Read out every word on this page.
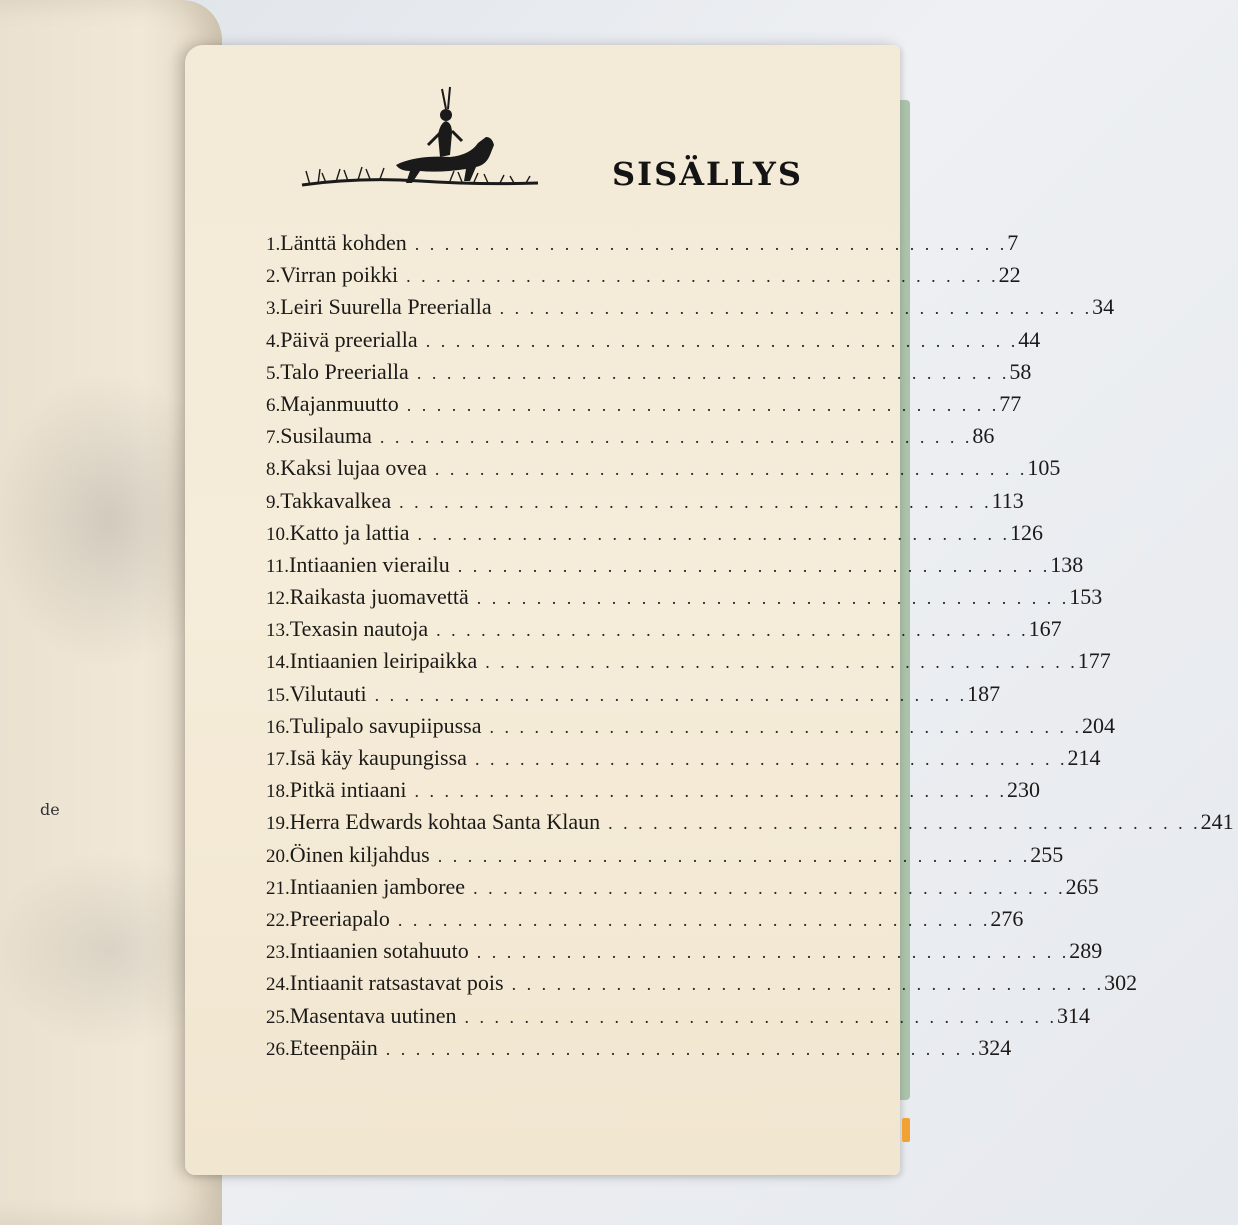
de
SISÄLLYS
1. Länttä kohden . . . . . . . . . . . . . . . . . . . . . . . . . . . . . . . . . . . . . . . . 7
2. Virran poikki . . . . . . . . . . . . . . . . . . . . . . . . . . . . . . . . . . . . . . . . 22
3. Leiri Suurella Preerialla . . . . . . . . . . . . . . . . . . . . . . . . . . . . . . . . . . . . . . . . 34
4. Päivä preerialla . . . . . . . . . . . . . . . . . . . . . . . . . . . . . . . . . . . . . . . . 44
5. Talo Preerialla . . . . . . . . . . . . . . . . . . . . . . . . . . . . . . . . . . . . . . . . 58
6. Majanmuutto . . . . . . . . . . . . . . . . . . . . . . . . . . . . . . . . . . . . . . . . 77
7. Susilauma . . . . . . . . . . . . . . . . . . . . . . . . . . . . . . . . . . . . . . . . 86
8. Kaksi lujaa ovea . . . . . . . . . . . . . . . . . . . . . . . . . . . . . . . . . . . . . . . . 105
9. Takkavalkea . . . . . . . . . . . . . . . . . . . . . . . . . . . . . . . . . . . . . . . . 113
10. Katto ja lattia . . . . . . . . . . . . . . . . . . . . . . . . . . . . . . . . . . . . . . . . 126
11. Intiaanien vierailu . . . . . . . . . . . . . . . . . . . . . . . . . . . . . . . . . . . . . . . . 138
12. Raikasta juomavettä . . . . . . . . . . . . . . . . . . . . . . . . . . . . . . . . . . . . . . . . 153
13. Texasin nautoja . . . . . . . . . . . . . . . . . . . . . . . . . . . . . . . . . . . . . . . . 167
14. Intiaanien leiripaikka . . . . . . . . . . . . . . . . . . . . . . . . . . . . . . . . . . . . . . . . 177
15. Vilutauti . . . . . . . . . . . . . . . . . . . . . . . . . . . . . . . . . . . . . . . . 187
16. Tulipalo savupiipussa . . . . . . . . . . . . . . . . . . . . . . . . . . . . . . . . . . . . . . . . 204
17. Isä käy kaupungissa . . . . . . . . . . . . . . . . . . . . . . . . . . . . . . . . . . . . . . . . 214
18. Pitkä intiaani . . . . . . . . . . . . . . . . . . . . . . . . . . . . . . . . . . . . . . . . 230
19. Herra Edwards kohtaa Santa Klaun . . . . . . . . . . . . . . . . . . . . . . . . . . . . . . . . . . . . . . . . 241
20. Öinen kiljahdus . . . . . . . . . . . . . . . . . . . . . . . . . . . . . . . . . . . . . . . . 255
21. Intiaanien jamboree . . . . . . . . . . . . . . . . . . . . . . . . . . . . . . . . . . . . . . . . 265
22. Preeriapalo . . . . . . . . . . . . . . . . . . . . . . . . . . . . . . . . . . . . . . . . 276
23. Intiaanien sotahuuto . . . . . . . . . . . . . . . . . . . . . . . . . . . . . . . . . . . . . . . . 289
24. Intiaanit ratsastavat pois . . . . . . . . . . . . . . . . . . . . . . . . . . . . . . . . . . . . . . . . 302
25. Masentava uutinen . . . . . . . . . . . . . . . . . . . . . . . . . . . . . . . . . . . . . . . . 314
26. Eteenpäin . . . . . . . . . . . . . . . . . . . . . . . . . . . . . . . . . . . . . . . . 324
